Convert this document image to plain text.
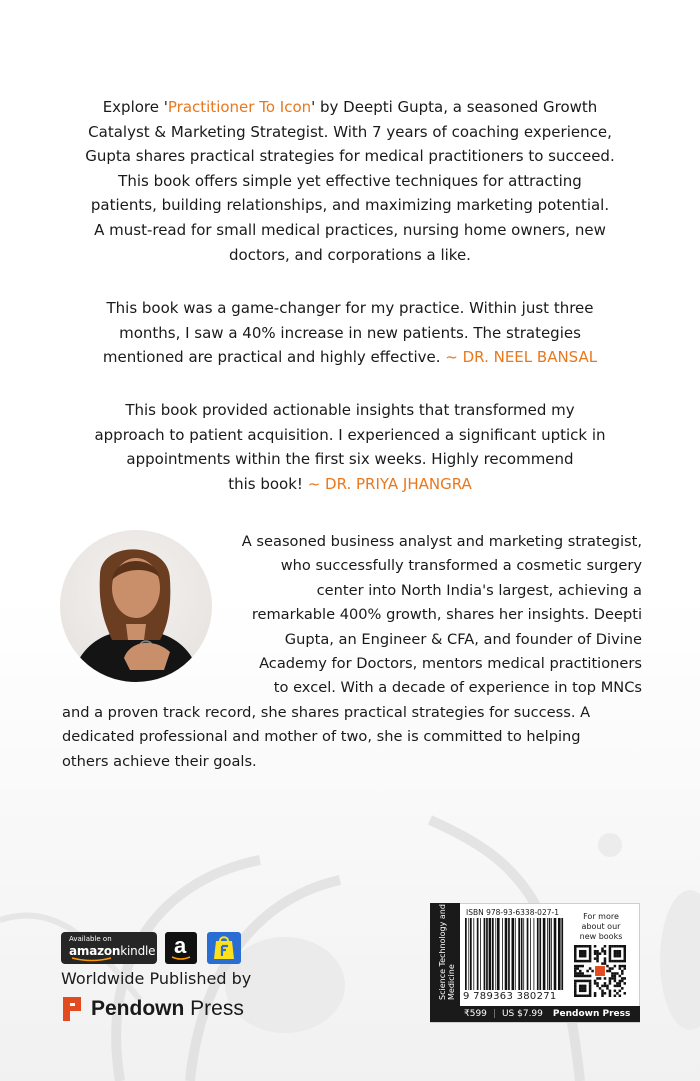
Explore 'Practitioner To Icon' by Deepti Gupta, a seasoned Growth
Catalyst & Marketing Strategist. With 7 years of coaching experience,
Gupta shares practical strategies for medical practitioners to succeed.
This book offers simple yet effective techniques for attracting
patients, building relationships, and maximizing marketing potential.
A must-read for small medical practices, nursing home owners, new
doctors, and corporations a like.

This book was a game-changer for my practice. Within just three
months, I saw a 40% increase in new patients. The strategies
mentioned are practical and highly effective. ~ DR. NEEL BANSAL

This book provided actionable insights that transformed my
approach to patient acquisition. I experienced a significant uptick in
appointments within the first six weeks. Highly recommend
this book! ~ DR. PRIYA JHANGRA

A seasoned business analyst and marketing strategist,
who successfully transformed a cosmetic surgery
center into North India's largest, achieving a
remarkable 400% growth, shares her insights. Deepti
Gupta, an Engineer & CFA, and founder of Divine
Academy for Doctors, mentors medical practitioners
to excel. With a decade of experience in top MNCs

and a proven track record, she shares practical strategies for success. A
dedicated professional and mother of two, she is committed to helping
others achieve their goals.

Available on
amazonkindle a
Worldwide Published by
Pendown Press
Science Technology and Medicine
ISBN 978-93-6338-027-1
9 789363 380271
For more about our new books
₹599 | US $7.99 Pendown Press
